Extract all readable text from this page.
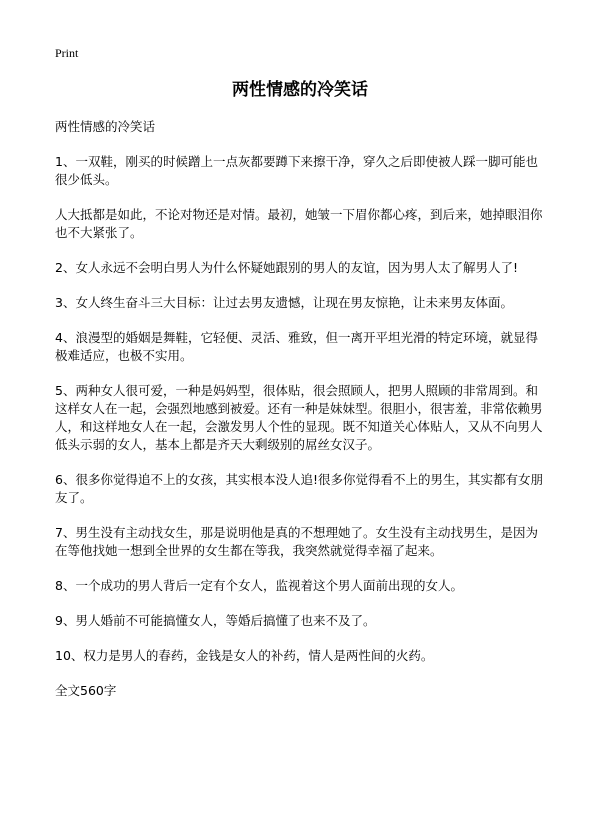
Print
两性情感的冷笑话

两性情感的冷笑话

1、一双鞋，刚买的时候蹭上一点灰都要蹲下来擦干净，穿久之后即使被人踩一脚可能也很少低头。

人大抵都是如此，不论对物还是对情。最初，她皱一下眉你都心疼，到后来，她掉眼泪你也不大紧张了。

2、女人永远不会明白男人为什么怀疑她跟别的男人的友谊，因为男人太了解男人了!

3、女人终生奋斗三大目标：让过去男友遗憾，让现在男友惊艳，让未来男友体面。

4、浪漫型的婚姻是舞鞋，它轻便、灵活、雅致，但一离开平坦光滑的特定环境，就显得极难适应，也极不实用。

5、两种女人很可爱，一种是妈妈型，很体贴，很会照顾人，把男人照顾的非常周到。和这样女人在一起，会强烈地感到被爱。还有一种是妹妹型。很胆小，很害羞，非常依赖男人，和这样地女人在一起，会激发男人个性的显现。既不知道关心体贴人，又从不向男人低头示弱的女人，基本上都是齐天大剩级别的屌丝女汉子。

6、很多你觉得追不上的女孩，其实根本没人追!很多你觉得看不上的男生，其实都有女朋友了。

7、男生没有主动找女生，那是说明他是真的不想理她了。女生没有主动找男生，是因为在等他找她一想到全世界的女生都在等我，我突然就觉得幸福了起来。

8、一个成功的男人背后一定有个女人，监视着这个男人面前出现的女人。

9、男人婚前不可能搞懂女人，等婚后搞懂了也来不及了。

10、权力是男人的春药，金钱是女人的补药，情人是两性间的火药。

全文560字
